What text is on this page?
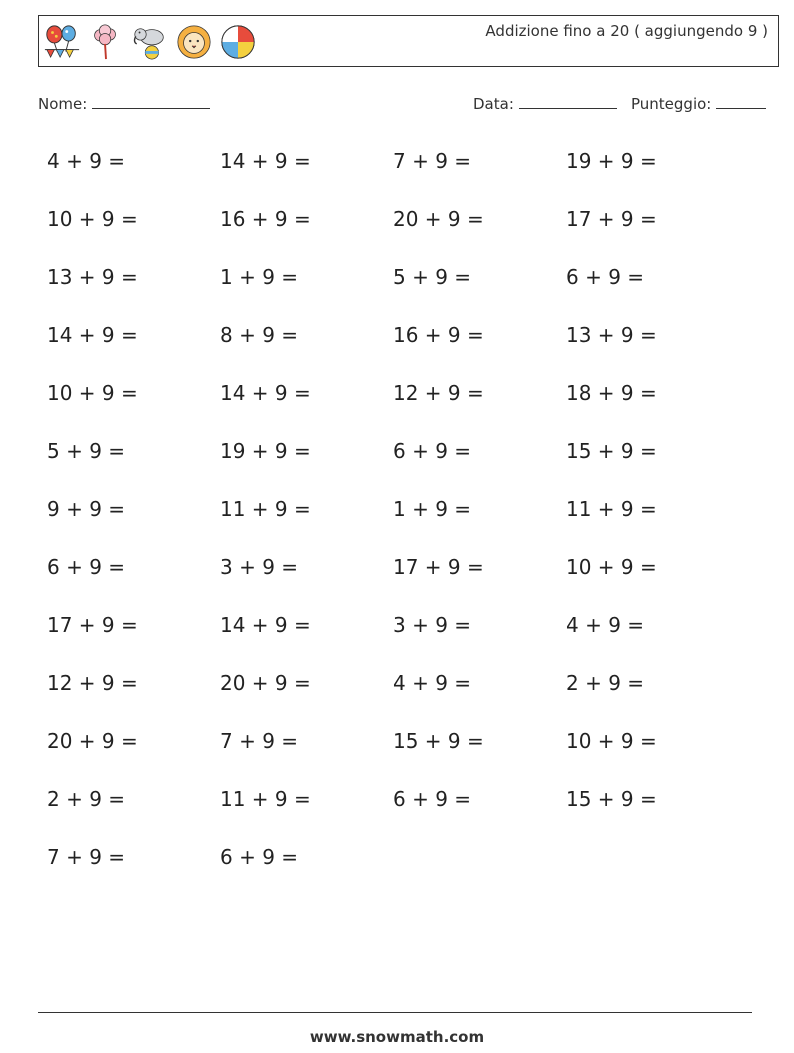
Addizione fino a 20 ( aggiungendo 9 )
Nome:	Data:	Punteggio:
4 + 9 =	14 + 9 =	7 + 9 =	19 + 9 =
10 + 9 =	16 + 9 =	20 + 9 =	17 + 9 =
13 + 9 =	1 + 9 =	5 + 9 =	6 + 9 =
14 + 9 =	8 + 9 =	16 + 9 =	13 + 9 =
10 + 9 =	14 + 9 =	12 + 9 =	18 + 9 =
5 + 9 =	19 + 9 =	6 + 9 =	15 + 9 =
9 + 9 =	11 + 9 =	1 + 9 =	11 + 9 =
6 + 9 =	3 + 9 =	17 + 9 =	10 + 9 =
17 + 9 =	14 + 9 =	3 + 9 =	4 + 9 =
12 + 9 =	20 + 9 =	4 + 9 =	2 + 9 =
20 + 9 =	7 + 9 =	15 + 9 =	10 + 9 =
2 + 9 =	11 + 9 =	6 + 9 =	15 + 9 =
7 + 9 =	6 + 9 =
www.snowmath.com
